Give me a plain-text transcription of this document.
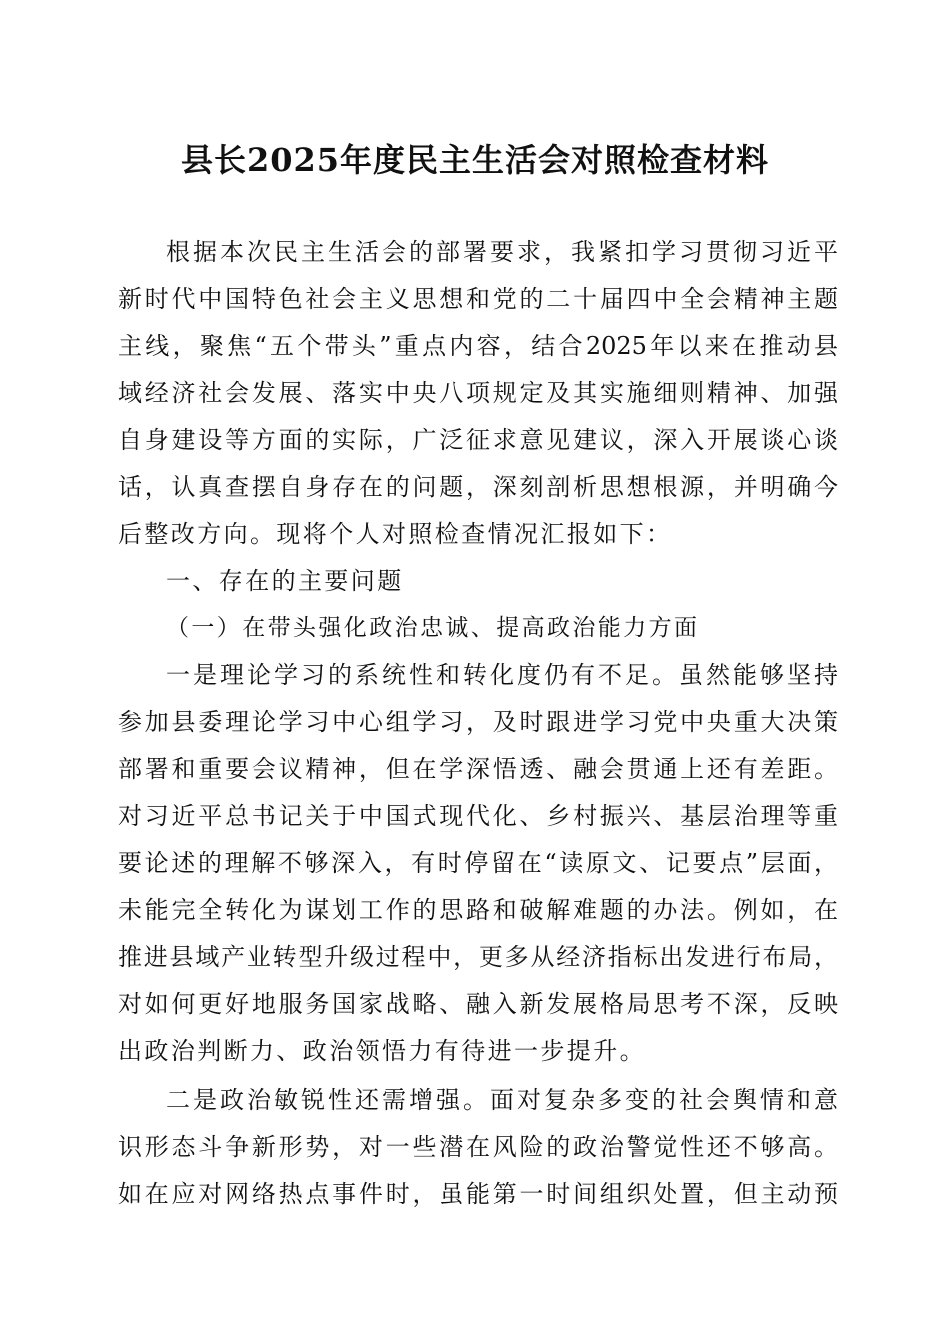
县长2025年度民主生活会对照检查材料

根据本次民主生活会的部署要求，我紧扣学习贯彻习近平

新时代中国特色社会主义思想和党的二十届四中全会精神主题

主线，聚焦“五个带头”重点内容，结合2025年以来在推动县

域经济社会发展、落实中央八项规定及其实施细则精神、加强

自身建设等方面的实际，广泛征求意见建议，深入开展谈心谈

话，认真查摆自身存在的问题，深刻剖析思想根源，并明确今

后整改方向。现将个人对照检查情况汇报如下：

一、存在的主要问题

（一）在带头强化政治忠诚、提高政治能力方面

一是理论学习的系统性和转化度仍有不足。虽然能够坚持

参加县委理论学习中心组学习，及时跟进学习党中央重大决策

部署和重要会议精神，但在学深悟透、融会贯通上还有差距。

对习近平总书记关于中国式现代化、乡村振兴、基层治理等重

要论述的理解不够深入，有时停留在“读原文、记要点”层面，

未能完全转化为谋划工作的思路和破解难题的办法。例如，在

推进县域产业转型升级过程中，更多从经济指标出发进行布局，

对如何更好地服务国家战略、融入新发展格局思考不深，反映

出政治判断力、政治领悟力有待进一步提升。

二是政治敏锐性还需增强。面对复杂多变的社会舆情和意

识形态斗争新形势，对一些潜在风险的政治警觉性还不够高。

如在应对网络热点事件时，虽能第一时间组织处置，但主动预
